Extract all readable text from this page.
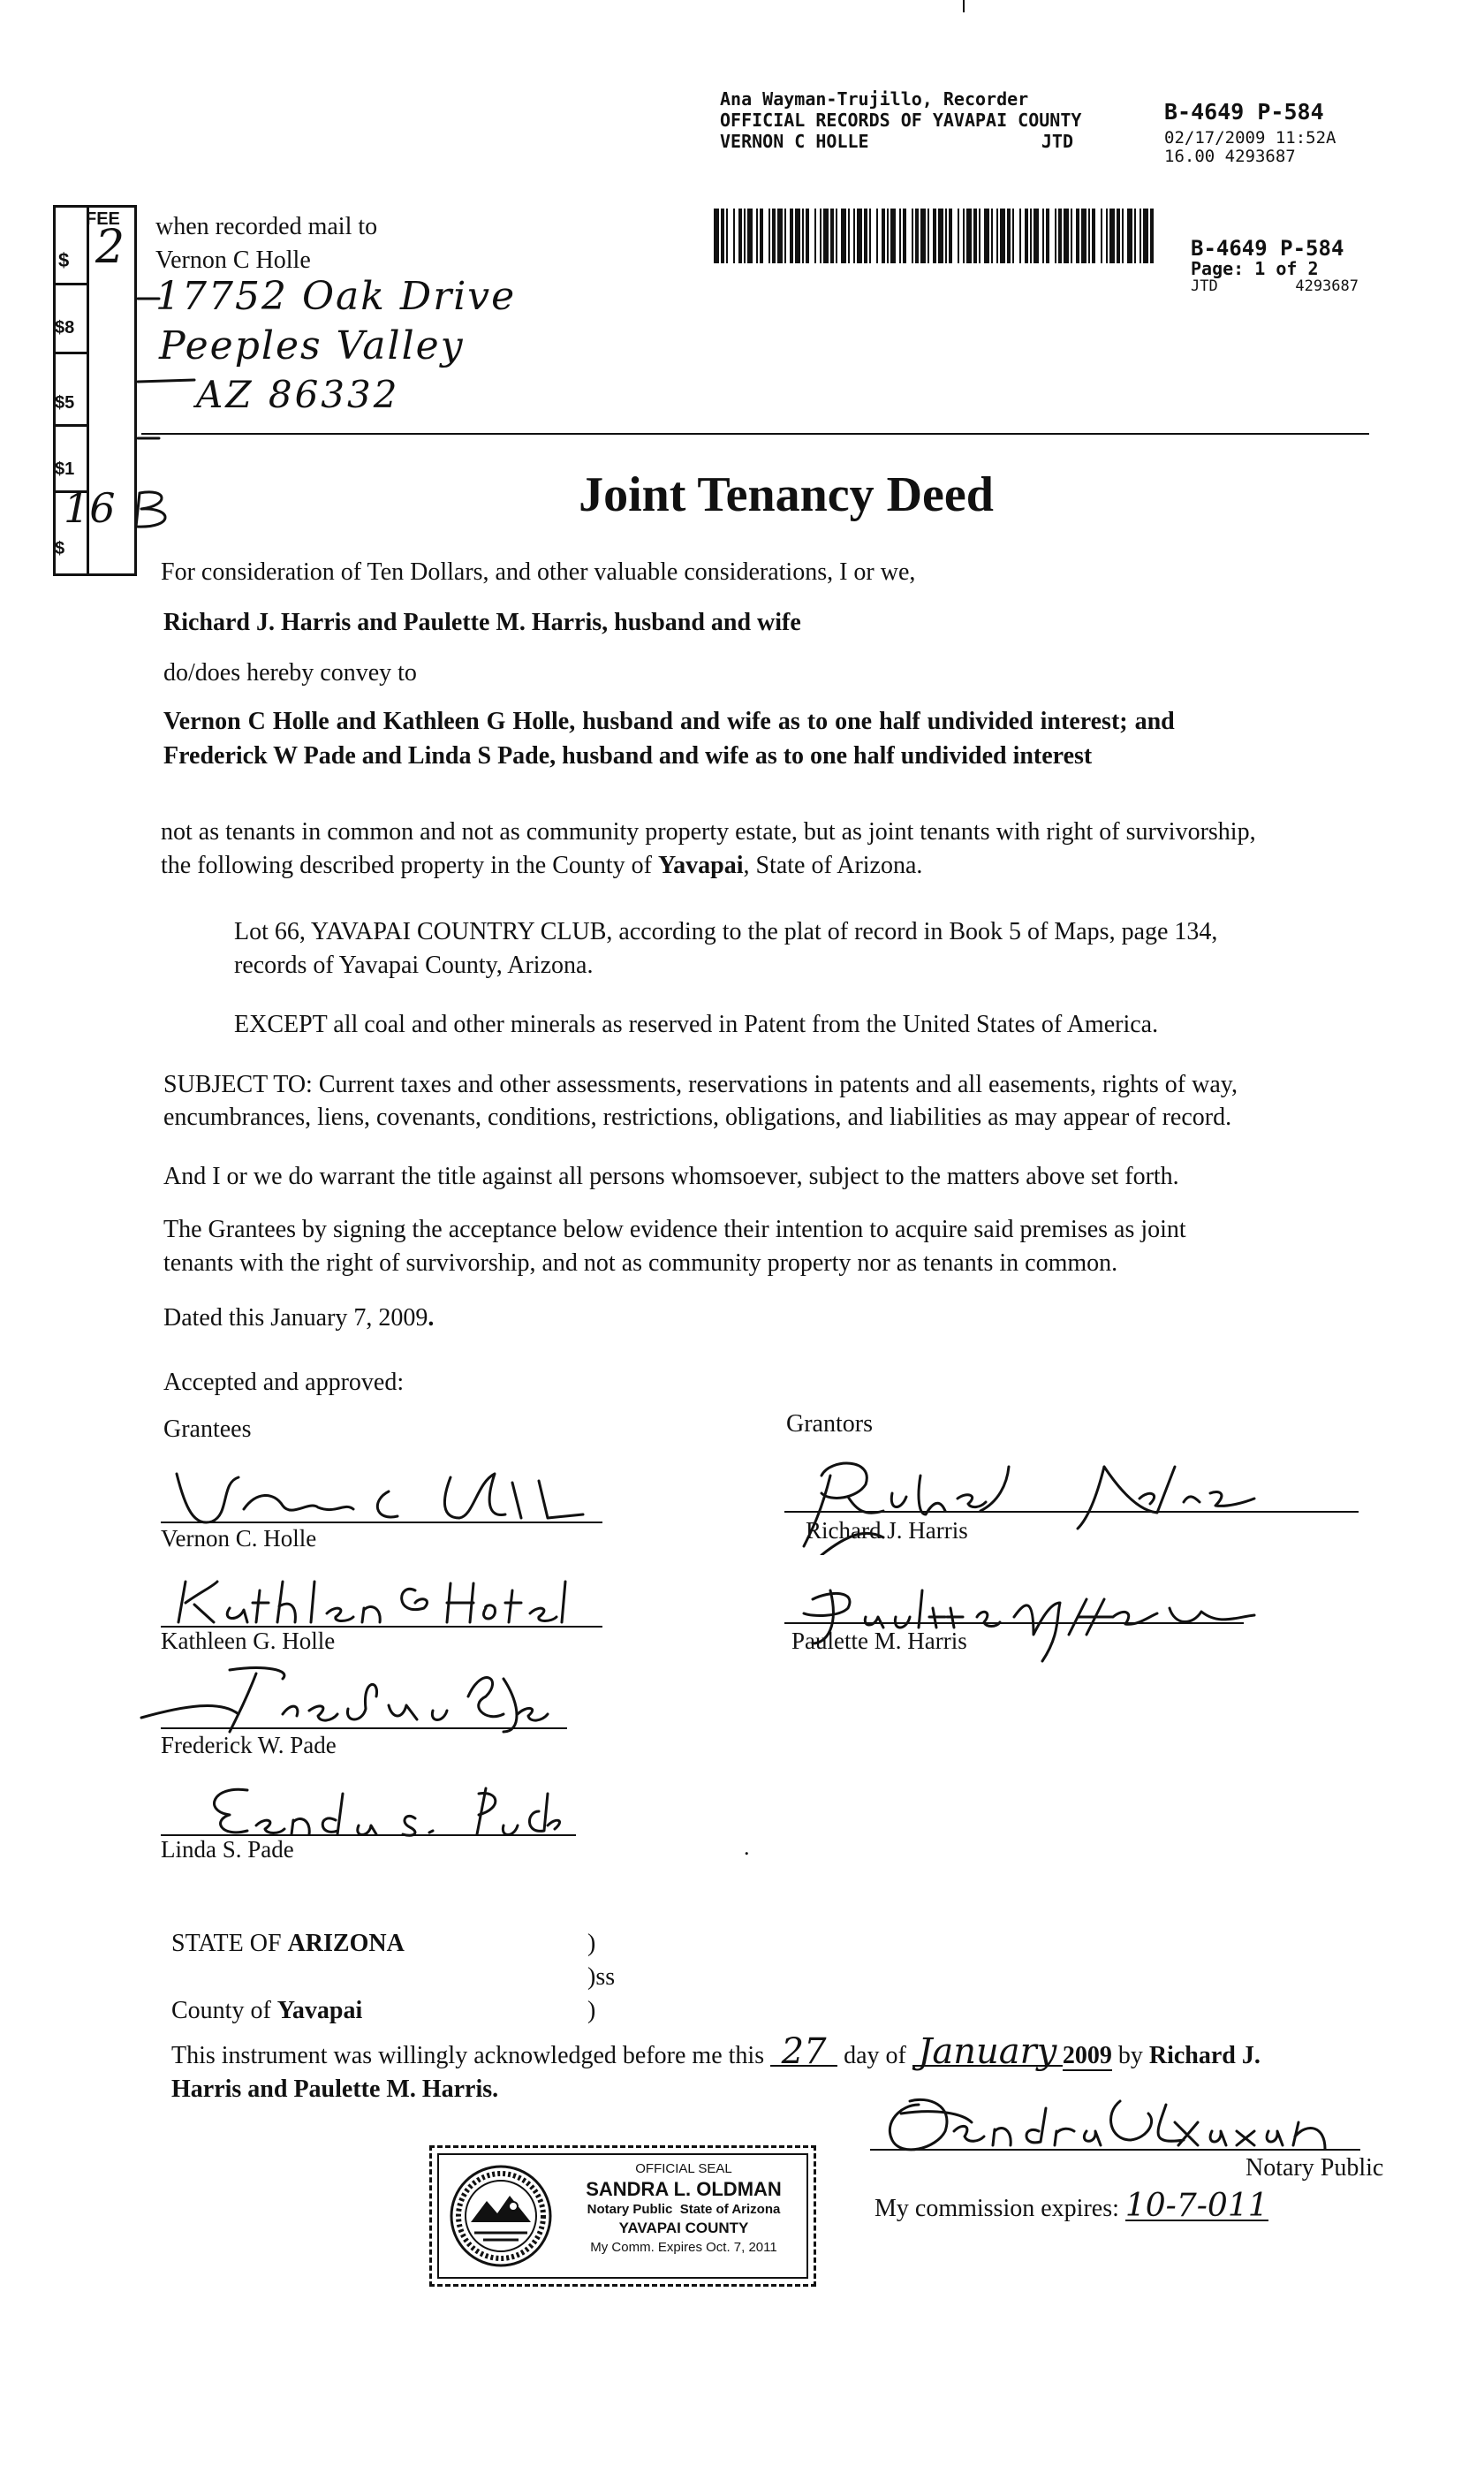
Ana Wayman-Trujillo, Recorder
OFFICIAL RECORDS OF YAVAPAI COUNTY
VERNON C HOLLE	JTD
B-4649 P-584
02/17/2009 11:52A
16.00 4293687
B-4649 P-584
Page: 1 of 2
JTD	4293687
FEE
$
$8
$5
$1
$
2
16
when recorded mail to
Vernon C Holle
17752 Oak Drive
Peeples Valley
AZ 86332
Joint Tenancy Deed
For consideration of Ten Dollars, and other valuable considerations, I or we,
Richard J. Harris and Paulette M. Harris, husband and wife
do/does hereby convey to
Vernon C Holle and Kathleen G Holle, husband and wife as to one half undivided interest; and
Frederick W Pade and Linda S Pade, husband and wife as to one half undivided interest
not as tenants in common and not as community property estate, but as joint tenants with right of survivorship,
the following described property in the County of Yavapai, State of Arizona.
Lot 66, YAVAPAI COUNTRY CLUB, according to the plat of record in Book 5 of Maps, page 134,
records of Yavapai County, Arizona.
EXCEPT all coal and other minerals as reserved in Patent from the United States of America.
SUBJECT TO: Current taxes and other assessments, reservations in patents and all easements, rights of way,
encumbrances, liens, covenants, conditions, restrictions, obligations, and liabilities as may appear of record.
And I or we do warrant the title against all persons whomsoever, subject to the matters above set forth.
The Grantees by signing the acceptance below evidence their intention to acquire said premises as joint
tenants with the right of survivorship, and not as community property nor as tenants in common.
Dated this January 7, 2009.
Accepted and approved:
Grantees	Grantors
Vernon C. Holle
Kathleen G. Holle
Frederick W. Pade
Linda S. Pade	.
Richard J. Harris
Paulette M. Harris
STATE OF ARIZONA	)
)ss
County of Yavapai	)
This instrument was willingly acknowledged before me this 27 day of January 2009 by Richard J.
Harris and Paulette M. Harris.
Notary Public
My commission expires: 10-7-011
OFFICIAL SEAL
SANDRA L. OLDMAN
Notary Public State of Arizona
YAVAPAI COUNTY
My Comm. Expires Oct. 7, 2011
